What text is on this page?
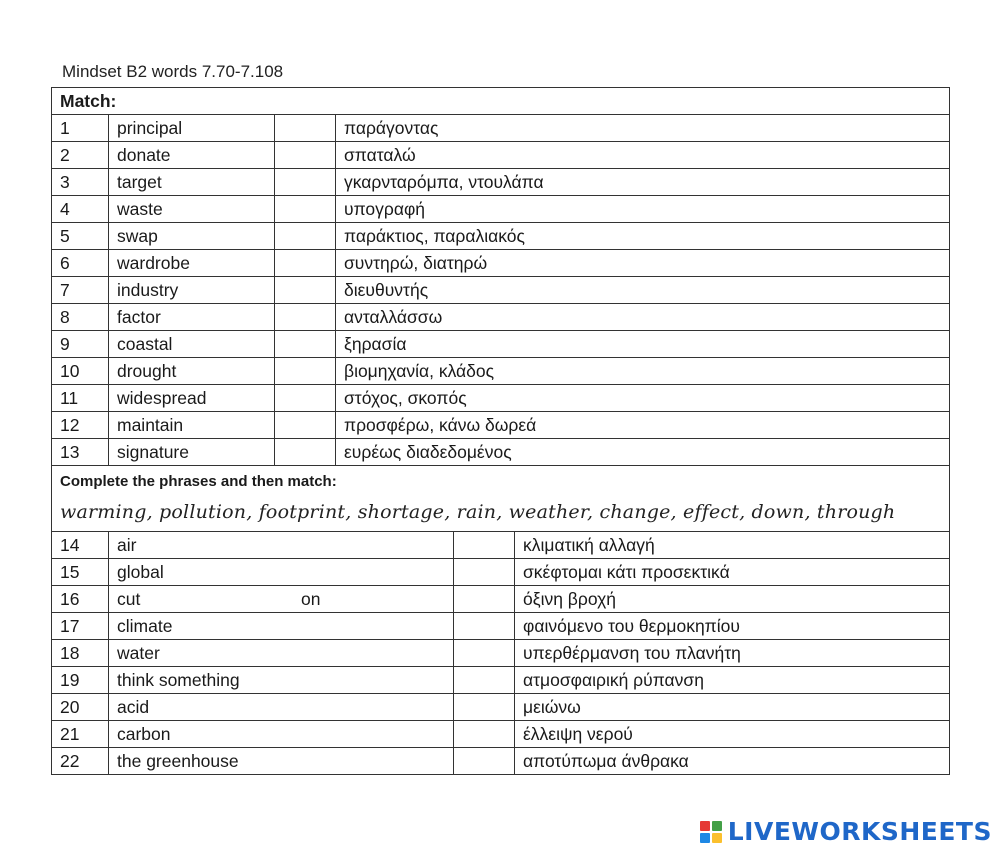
Mindset B2 words 7.70-7.108
Match:					
1	principal		παράγοντας		
2	donate		σπαταλώ		
3	target		γκαρνταρόμπα, ντουλάπα		
4	waste		υπογραφή		
5	swap		παράκτιος, παραλιακός		
6	wardrobe		συντηρώ, διατηρώ		
7	industry		διευθυντής		
8	factor		ανταλλάσσω		
9	coastal		ξηρασία		
10	drought		βιομηχανία, κλάδος		
11	widespread		στόχος, σκοπός		
12	maintain		προσφέρω, κάνω δωρεά		
13	signature		ευρέως διαδεδομένος		

Complete the phrases and then match:
warming, pollution, footprint, shortage, rain, weather, change, effect, down, through					

14	air				κλιματική αλλαγή
15	global				σκέφτομαι κάτι προσεκτικά
16	cut on				όξινη βροχή
17	climate				φαινόμενο του θερμοκηπίου
18	water				υπερθέρμανση του πλανήτη
19	think something				ατμοσφαιρική ρύπανση
20	acid				μειώνω
21	carbon				έλλειψη νερού
22	the greenhouse				αποτύπωμα άνθρακα
LIVEWORKSHEETS
